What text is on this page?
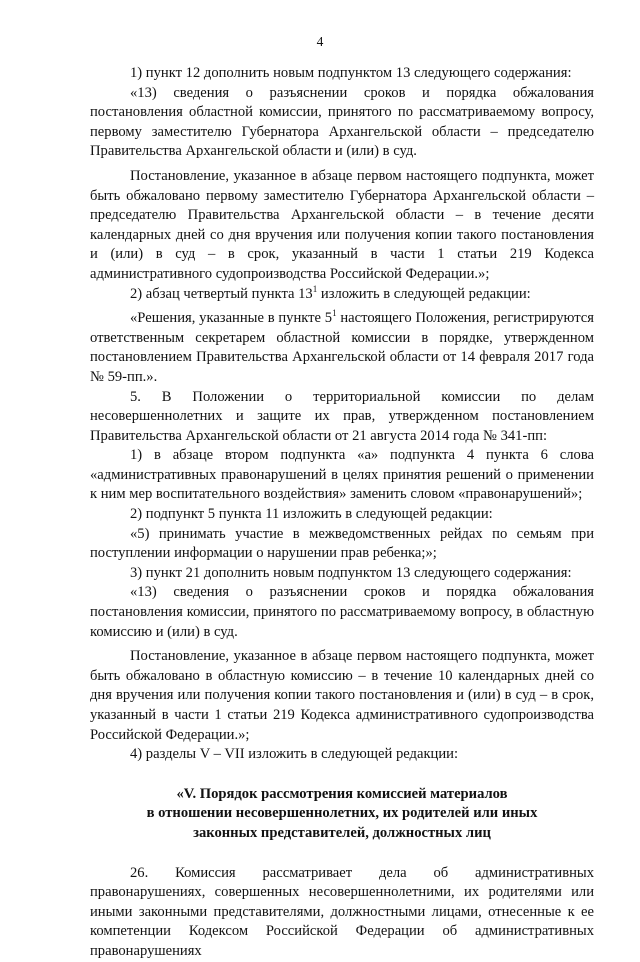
4

1) пункт 12 дополнить новым подпунктом 13 следующего содержания:

«13) сведения о разъяснении сроков и порядка обжалования постановления областной комиссии, принятого по рассматриваемому вопросу, первому заместителю Губернатора Архангельской области – председателю Правительства Архангельской области и (или) в суд.

Постановление, указанное в абзаце первом настоящего подпункта, может быть обжаловано первому заместителю Губернатора Архангельской области – председателю Правительства Архангельской области – в течение десяти календарных дней со дня вручения или получения копии такого постановления и (или) в суд – в срок, указанный в части 1 статьи 219 Кодекса административного судопроизводства Российской Федерации.»;

2) абзац четвертый пункта $13^1$ изложить в следующей редакции:

«Решения, указанные в пункте $5^1$ настоящего Положения, регистрируются ответственным секретарем областной комиссии в порядке, утвержденном постановлением Правительства Архангельской области от 14 февраля 2017 года № 59-пп.».

5. В Положении о территориальной комиссии по делам несовершеннолетних и защите их прав, утвержденном постановлением Правительства Архангельской области от 21 августа 2014 года № 341-пп:

1) в абзаце втором подпункта «а» подпункта 4 пункта 6 слова «административных правонарушений в целях принятия решений о применении к ним мер воспитательного воздействия» заменить словом «правонарушений»;

2) подпункт 5 пункта 11 изложить в следующей редакции:

«5) принимать участие в межведомственных рейдах по семьям при поступлении информации о нарушении прав ребенка;»;

3) пункт 21 дополнить новым подпунктом 13 следующего содержания:

«13) сведения о разъяснении сроков и порядка обжалования постановления комиссии, принятого по рассматриваемому вопросу, в областную комиссию и (или) в суд.

Постановление, указанное в абзаце первом настоящего подпункта, может быть обжаловано в областную комиссию – в течение 10 календарных дней со дня вручения или получения копии такого постановления и (или) в суд – в срок, указанный в части 1 статьи 219 Кодекса административного судопроизводства Российской Федерации.»;

4) разделы V – VII изложить в следующей редакции:

«V. Порядок рассмотрения комиссией материалов
в отношении несовершеннолетних, их родителей или иных
законных представителей, должностных лиц

26. Комиссия рассматривает дела об административных правонарушениях, совершенных несовершеннолетними, их родителями или иными законными представителями, должностными лицами, отнесенные к ее компетенции Кодексом Российской Федерации об административных правонарушениях
